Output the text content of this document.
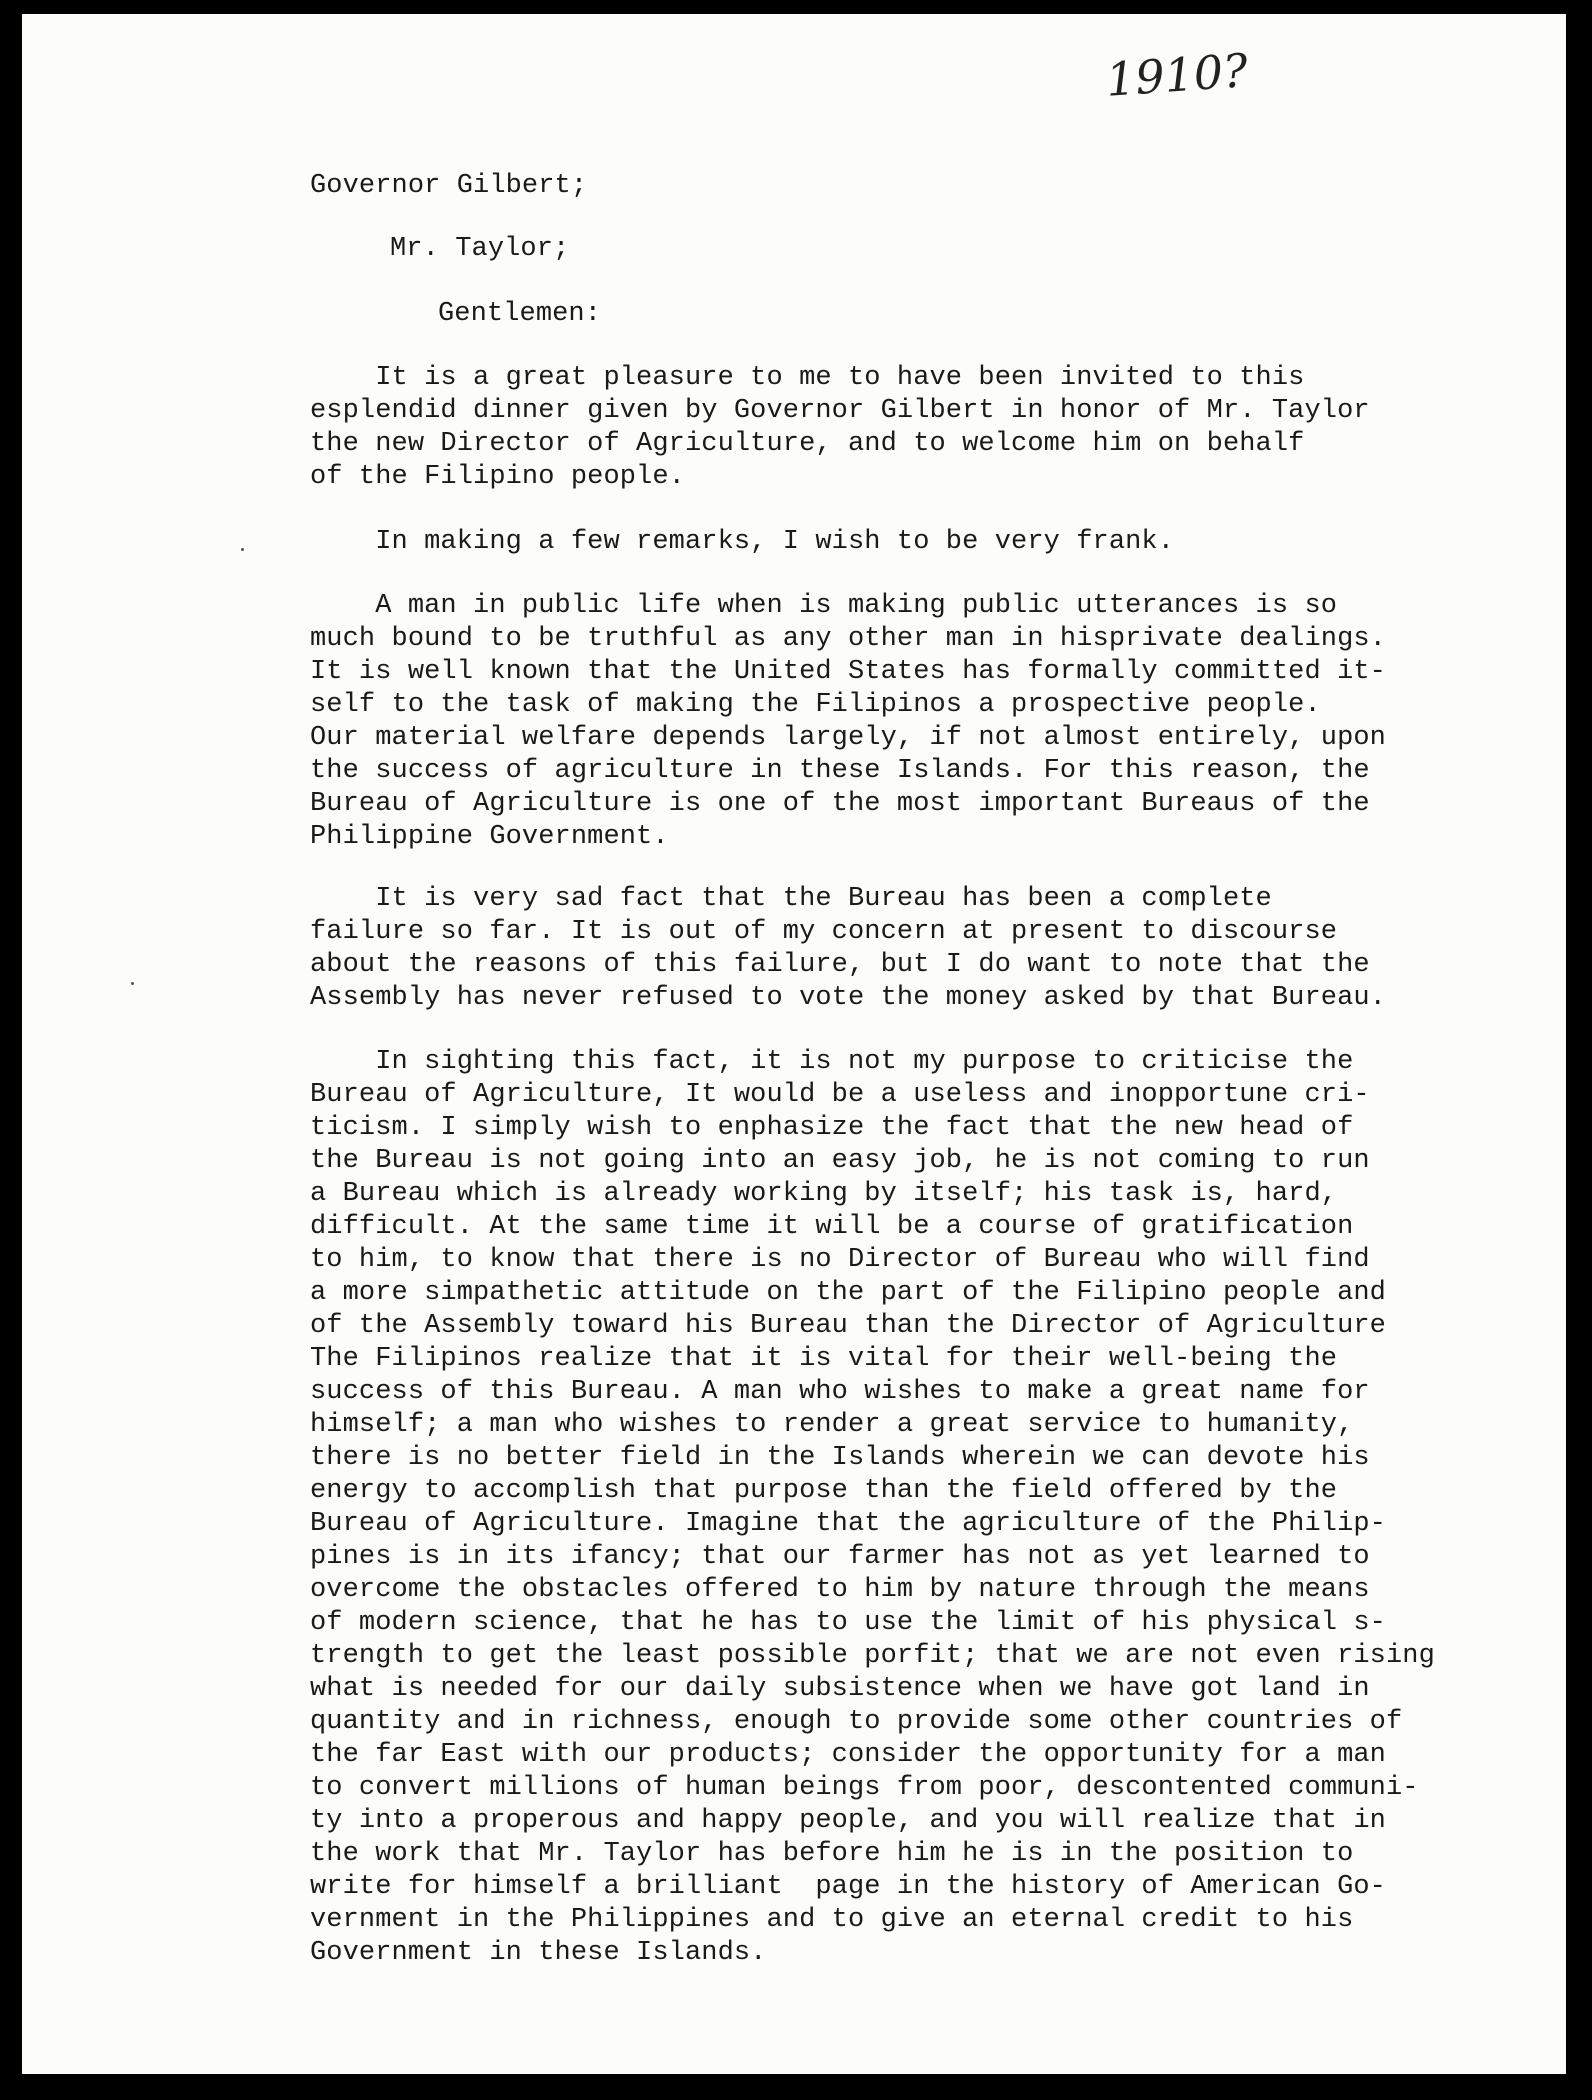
1910?

Governor Gilbert;

Mr. Taylor;

Gentlemen:

It is a great pleasure to me to have been invited to this

esplendid dinner given by Governor Gilbert in honor of Mr. Taylor

the new Director of Agriculture, and to welcome him on behalf

of the Filipino people.

In making a few remarks, I wish to be very frank.

A man in public life when is making public utterances is so

much bound to be truthful as any other man in hisprivate dealings.

It is well known that the United States has formally committed it-

self to the task of making the Filipinos a prospective people.

Our material welfare depends largely, if not almost entirely, upon

the success of agriculture in these Islands. For this reason, the

Bureau of Agriculture is one of the most important Bureaus of the

Philippine Government.

It is very sad fact that the Bureau has been a complete

failure so far. It is out of my concern at present to discourse

about the reasons of this failure, but I do want to note that the

Assembly has never refused to vote the money asked by that Bureau.

In sighting this fact, it is not my purpose to criticise the

Bureau of Agriculture, It would be a useless and inopportune cri-

ticism. I simply wish to enphasize the fact that the new head of

the Bureau is not going into an easy job, he is not coming to run

a Bureau which is already working by itself; his task is, hard,

difficult. At the same time it will be a course of gratification

to him, to know that there is no Director of Bureau who will find

a more simpathetic attitude on the part of the Filipino people and

of the Assembly toward his Bureau than the Director of Agriculture

The Filipinos realize that it is vital for their well-being the

success of this Bureau. A man who wishes to make a great name for

himself; a man who wishes to render a great service to humanity,

there is no better field in the Islands wherein we can devote his

energy to accomplish that purpose than the field offered by the

Bureau of Agriculture. Imagine that the agriculture of the Philip-

pines is in its ifancy; that our farmer has not as yet learned to

overcome the obstacles offered to him by nature through the means

of modern science, that he has to use the limit of his physical s-

trength to get the least possible porfit; that we are not even rising

what is needed for our daily subsistence when we have got land in

quantity and in richness, enough to provide some other countries of

the far East with our products; consider the opportunity for a man

to convert millions of human beings from poor, descontented communi-

ty into a properous and happy people, and you will realize that in

the work that Mr. Taylor has before him he is in the position to

write for himself a brilliant  page in the history of American Go-

vernment in the Philippines and to give an eternal credit to his

Government in these Islands.
